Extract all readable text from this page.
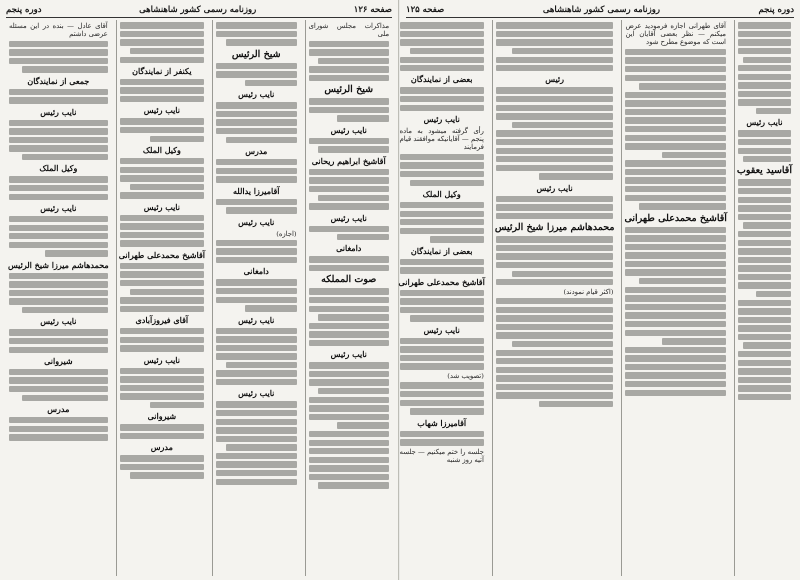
صفحه ۱۲۶
روزنامه رسمی کشور شاهنشاهی
دوره پنجم
مذاکرات مجلس شورای ملی
شیخ الرئیس
نایب رئیس
آقاشیخ ابراهیم ریحانی
نایب رئیس
دامغانی
صوت المملکه
نایب رئیس
شیخ الرئیس
نایب رئیس
مدرس
آقامیرزا یدالله
نایب رئیس
(اجازه)
دامغانی
نایب رئیس
نایب رئیس
یکنفر از نمایندگان
نایب رئیس
وکیل الملک
نایب رئیس
آقاشیخ محمدعلی طهرانی
آقای فیروزآبادی
نایب رئیس
شیروانی
مدرس
آقای عادل — بنده در این مسئله عرضی داشتم
جمعی از نمایندگان
نایب رئیس
وکیل الملک
نایب رئیس
محمدهاشم میرزا شیخ الرئیس
نایب رئیس
شیروانی
مدرس
دوره پنجم
روزنامه رسمی کشور شاهنشاهی
صفحه ۱۲۵
نایب رئیس
آقاسید یعقوب
آقای طهرانی اجازه فرمودید عرض میکنم — نظر بعضی آقایان این است که موضوع مطرح شود
آقاشیخ محمدعلی طهرانی
رئیس
نایب رئیس
محمدهاشم میرزا شیخ الرئیس
(اکثر قیام نمودند)
بعضی از نمایندگان
نایب رئیس
رأی گرفته میشود به ماده پنجم — آقایانیکه موافقند قیام فرمایند
وکیل الملک
بعضی از نمایندگان
آقاشیخ محمدعلی طهرانی
نایب رئیس
(تصویب شد)
آقامیرزا شهاب
جلسه را ختم میکنیم — جلسه آتیه روز شنبه
